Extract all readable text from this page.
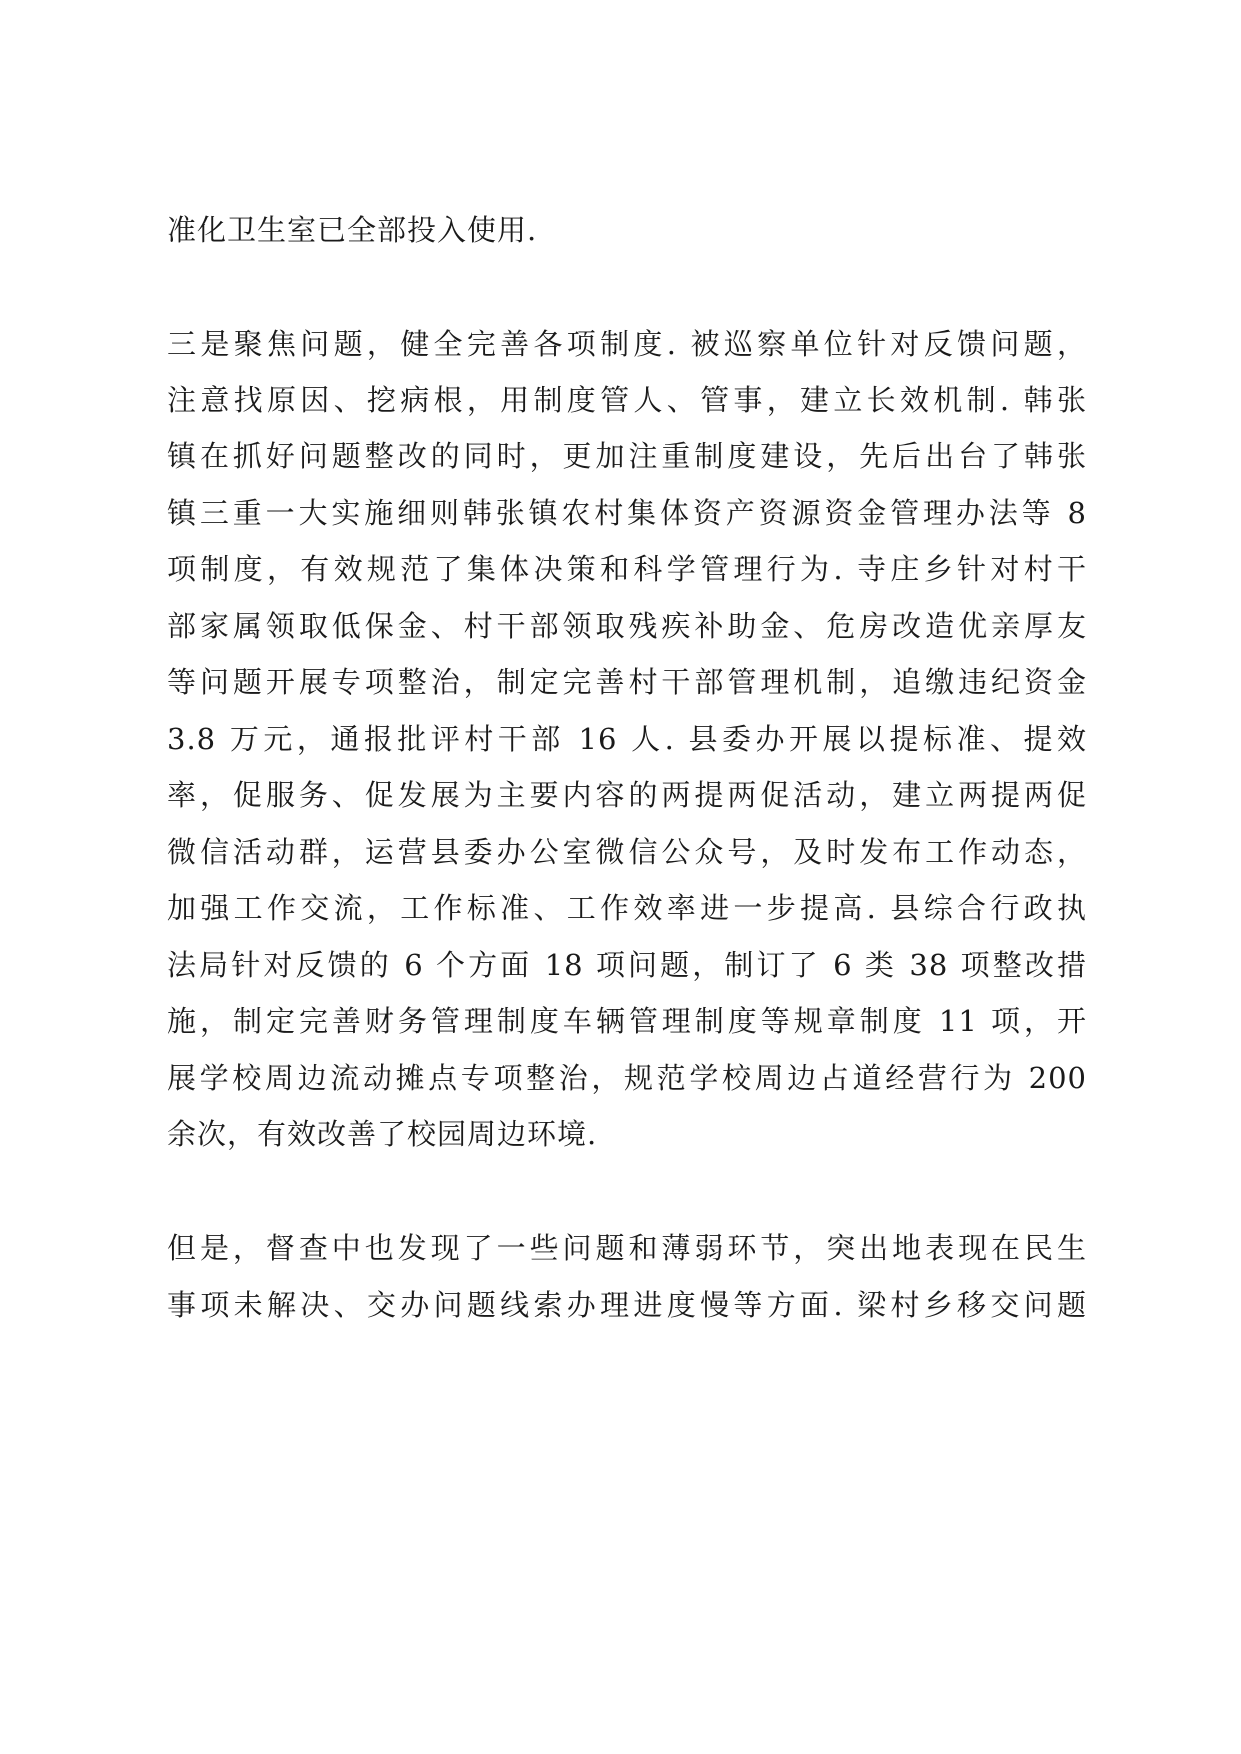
准化卫生室已全部投入使用.
三是聚焦问题，健全完善各项制度. 被巡察单位针对反馈问题，
注意找原因、挖病根，用制度管人、管事，建立长效机制. 韩张
镇在抓好问题整改的同时，更加注重制度建设，先后出台了韩张
镇三重一大实施细则韩张镇农村集体资产资源资金管理办法等 8
项制度，有效规范了集体决策和科学管理行为. 寺庄乡针对村干
部家属领取低保金、村干部领取残疾补助金、危房改造优亲厚友
等问题开展专项整治，制定完善村干部管理机制，追缴违纪资金
3.8 万元，通报批评村干部 16 人. 县委办开展以提标准、提效
率，促服务、促发展为主要内容的两提两促活动，建立两提两促
微信活动群，运营县委办公室微信公众号，及时发布工作动态，
加强工作交流，工作标准、工作效率进一步提高. 县综合行政执
法局针对反馈的 6 个方面 18 项问题，制订了 6 类 38 项整改措
施，制定完善财务管理制度车辆管理制度等规章制度 11 项，开
展学校周边流动摊点专项整治，规范学校周边占道经营行为 200
余次，有效改善了校园周边环境.
但是，督查中也发现了一些问题和薄弱环节，突出地表现在民生
事项未解决、交办问题线索办理进度慢等方面. 梁村乡移交问题
